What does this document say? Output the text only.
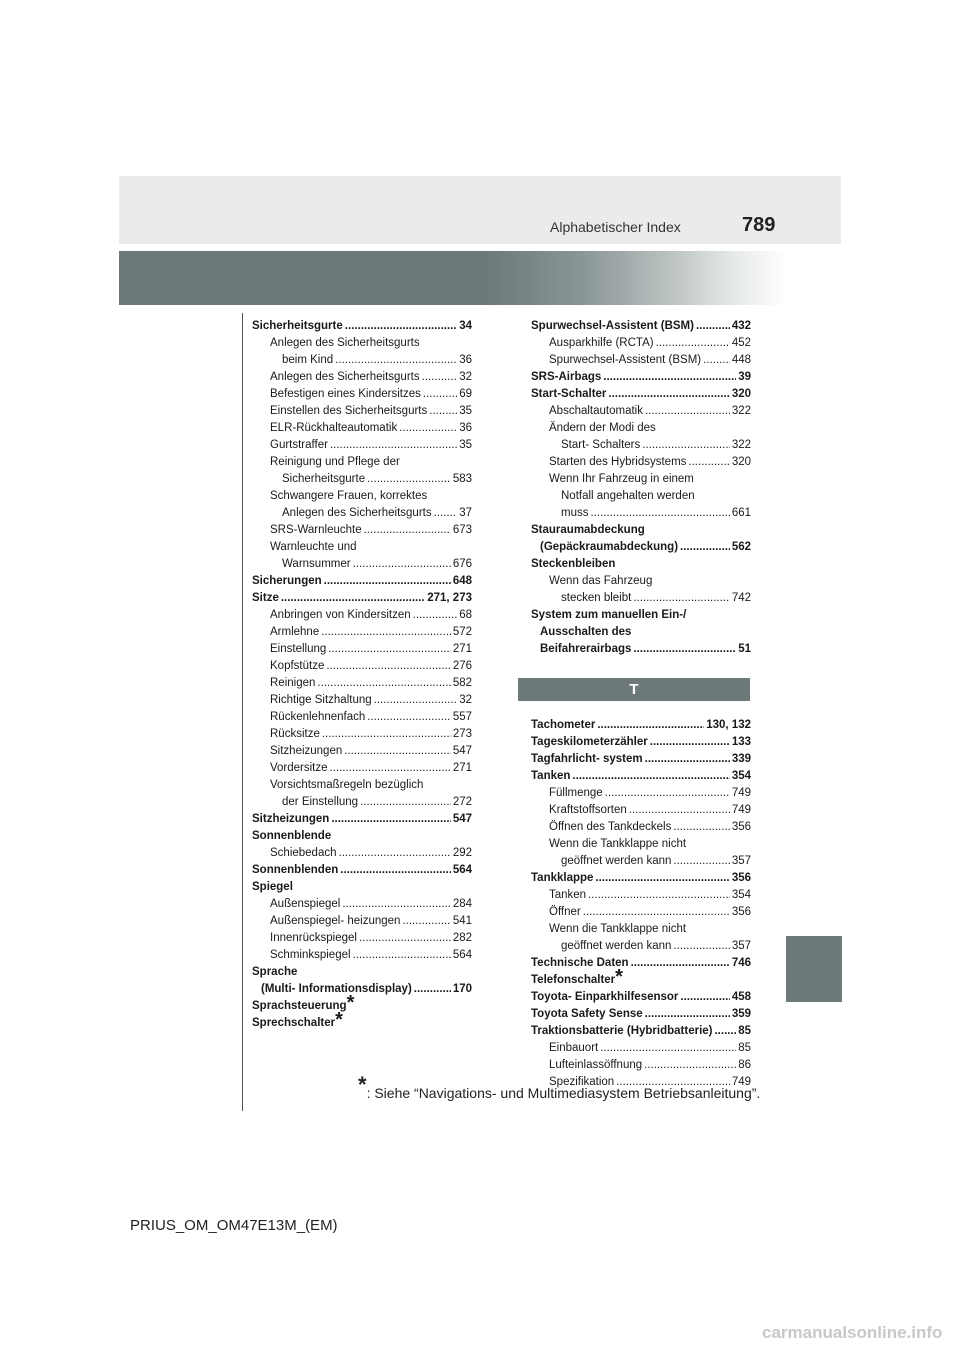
Alphabetischer Index	789
Sicherheitsgurte .....	34
Anlegen des Sicherheitsgurts
beim Kind .....	36
Anlegen des Sicherheitsgurts .....	32
Befestigen eines Kindersitzes .....	69
Einstellen des Sicherheitsgurts .....	35
ELR-Rückhalteautomatik .....	36
Gurtstraffer .....	35
Reinigung und Pflege der
Sicherheitsgurte .....	583
Schwangere Frauen, korrektes
Anlegen des Sicherheitsgurts ..... 37
SRS-Warnleuchte .....	673
Warnleuchte und
Warnsummer .....	676
Sicherungen .....	648
Sitze .....	271, 273
Anbringen von Kindersitzen .....	68
Armlehne .....	572
Einstellung .....	271
Kopfstütze .....	276
Reinigen .....	582
Richtige Sitzhaltung .....	32
Rückenlehnenfach .....	557
Rücksitze .....	273
Sitzheizungen .....	547
Vordersitze .....	271
Vorsichtsmaßregeln bezüglich
der Einstellung .....	272
Sitzheizungen .....	547
Sonnenblende
Schiebedach .....	292
Sonnenblenden .....	564
Spiegel
Außenspiegel .....	284
Außenspiegel- heizungen .....	541
Innenrückspiegel .....	282
Schminkspiegel .....	564
Sprache
(Multi- Informationsdisplay) .....	170
Sprachsteuerung *
Sprechschalter *
Spurwechsel-Assistent (BSM) .....	432
Ausparkhilfe (RCTA) .....	452
Spurwechsel-Assistent (BSM) .....	448
SRS-Airbags .....	39
Start-Schalter .....	320
Abschaltautomatik .....	322
Ändern der Modi des
Start- Schalters .....	322
Starten des Hybridsystems .....	320
Wenn Ihr Fahrzeug in einem
Notfall angehalten werden
muss .....	661
Stauraumabdeckung
(Gepäckraumabdeckung) .....	562
Steckenbleiben
Wenn das Fahrzeug
stecken bleibt .....	742
System zum manuellen Ein-/
Ausschalten des
Beifahrerairbags .....	51
T
Tachometer .....	130, 132
Tageskilometerzähler .....	133
Tagfahrlicht- system .....	339
Tanken .....	354
Füllmenge .....	749
Kraftstoffsorten .....	749
Öffnen des Tankdeckels .....	356
Wenn die Tankklappe nicht
geöffnet werden kann .....	357
Tankklappe .....	356
Tanken .....	354
Öffner .....	356
Wenn die Tankklappe nicht
geöffnet werden kann .....	357
Technische Daten .....	746
Telefonschalter *
Toyota- Einparkhilfesensor .....	458
Toyota Safety Sense .....	359
Traktionsbatterie (Hybridbatterie) ..... 85
Einbauort .....	85
Lufteinlassöffnung .....	86
Spezifikation .....	749
*: Siehe “Navigations- und Multimediasystem Betriebsanleitung”.
PRIUS_OM_OM47E13M_(EM)
carmanualsonline.info
